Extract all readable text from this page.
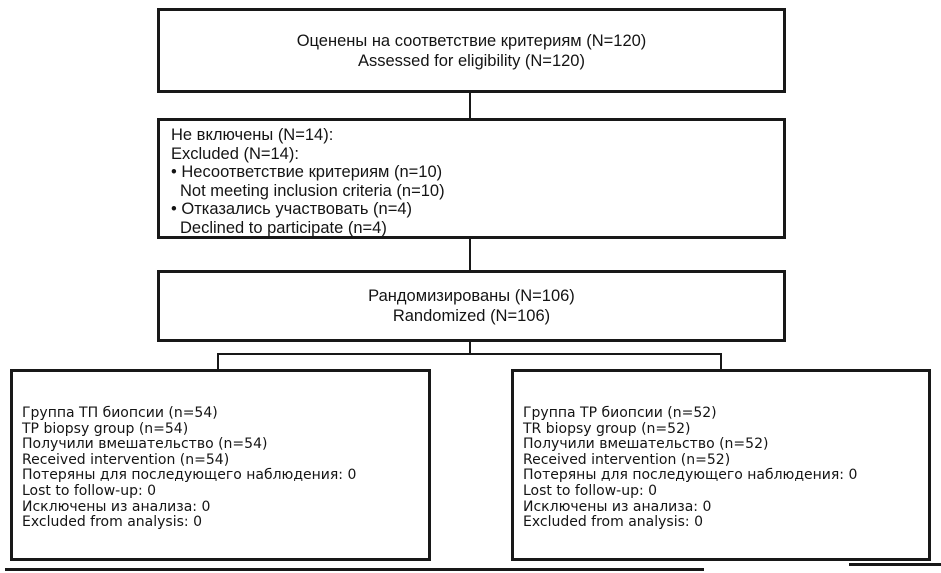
Оценены на соответствие критериям (N=120)
Assessed for eligibility (N=120)
Не включены (N=14):
Excluded (N=14):
• Несоответствие критериям (n=10)
Not meeting inclusion criteria (n=10)
• Отказались участвовать (n=4)
Declined to participate (n=4)
Рандомизированы (N=106)
Randomized (N=106)
Группа ТП биопсии (n=54)
TP biopsy group (n=54)
Получили вмешательство (n=54)
Received intervention (n=54)
Потеряны для последующего наблюдения: 0
Lost to follow-up: 0
Исключены из анализа: 0
Excluded from analysis: 0
Группа ТР биопсии (n=52)
TR biopsy group (n=52)
Получили вмешательство (n=52)
Received intervention (n=52)
Потеряны для последующего наблюдения: 0
Lost to follow-up: 0
Исключены из анализа: 0
Excluded from analysis: 0
